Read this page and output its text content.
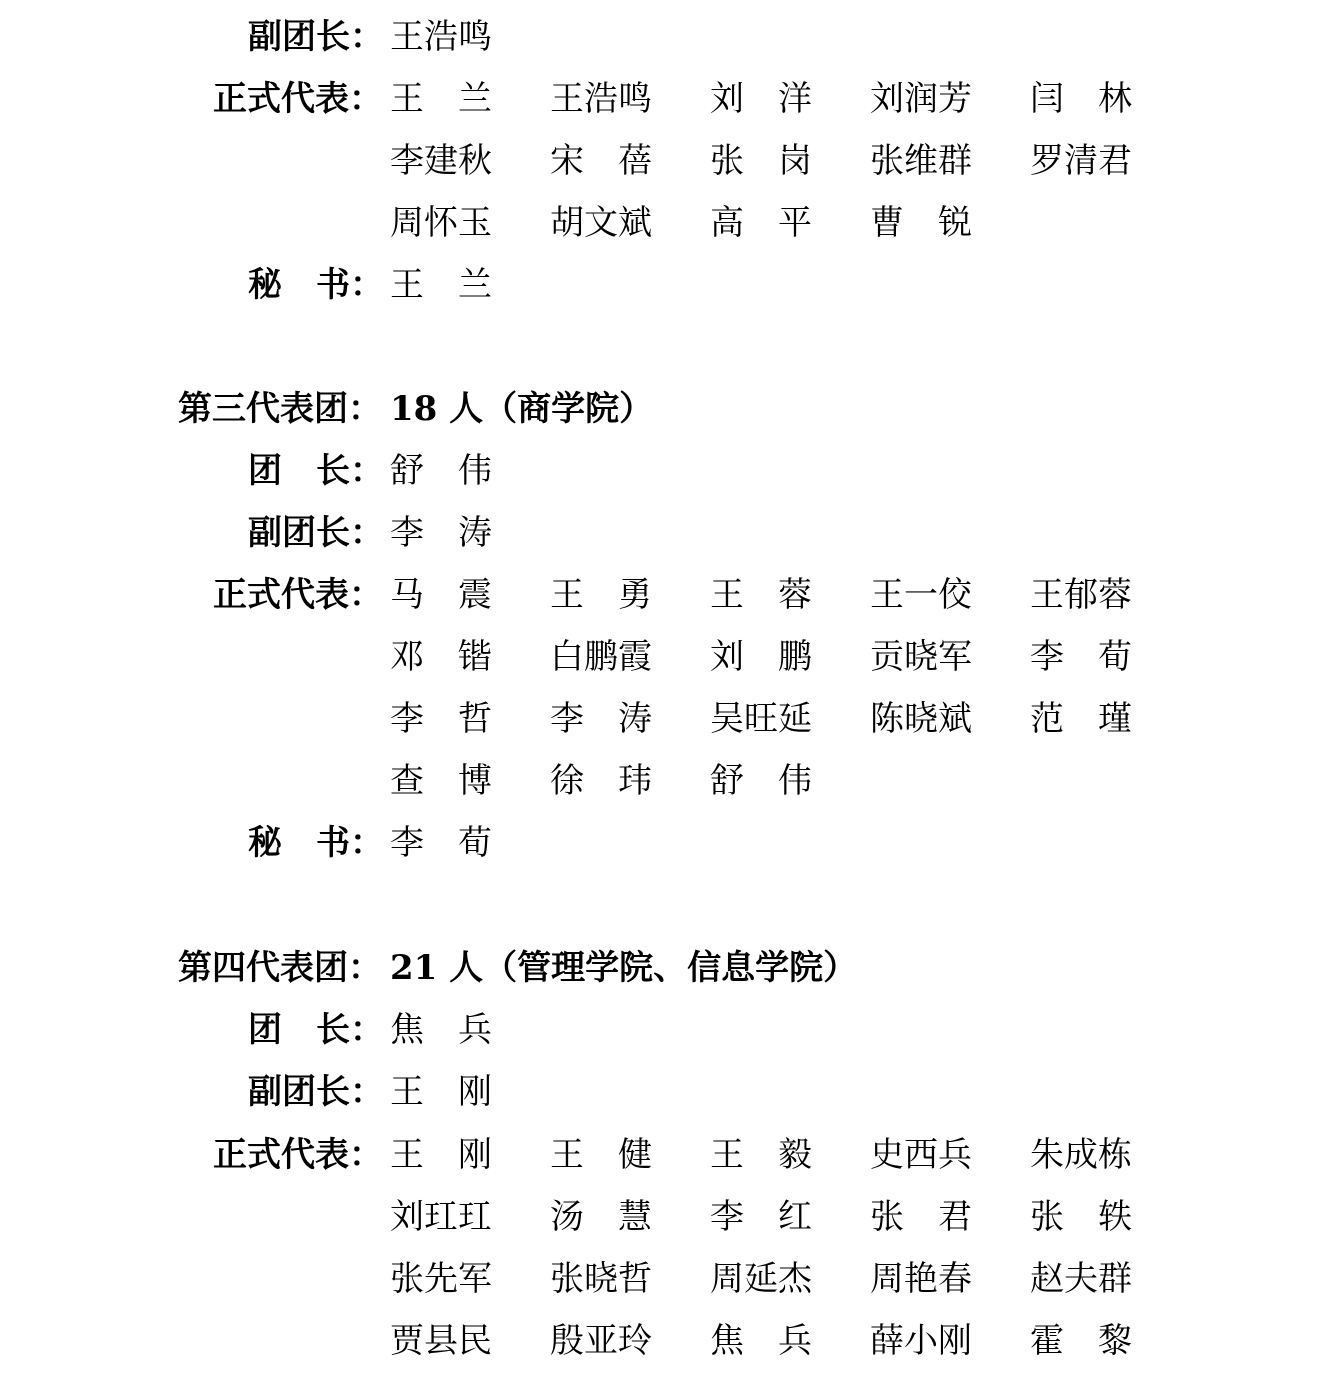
副团长： 王浩鸣
正式代表： 王　兰 王浩鸣 刘　洋 刘润芳 闫　林
李建秋 宋　蓓 张　岗 张维群 罗清君
周怀玉 胡文斌 高　平 曹　锐
秘　书： 王　兰
第三代表团： 18 人（商学院）
团　长： 舒　伟
副团长： 李　涛
正式代表： 马　震 王　勇 王　蓉 王一佼 王郁蓉
邓　锴 白鹏霞 刘　鹏 贡晓军 李　荀
李　哲 李　涛 吴旺延 陈晓斌 范　瑾
查　博 徐　玮 舒　伟
秘　书： 李　荀
第四代表团： 21 人（管理学院、信息学院）
团　长： 焦　兵
副团长： 王　刚
正式代表： 王　刚 王　健 王　毅 史西兵 朱成栋
刘玒玒 汤　慧 李　红 张　君 张　轶
张先军 张晓哲 周延杰 周艳春 赵夫群
贾县民 殷亚玲 焦　兵 薛小刚 霍　黎
